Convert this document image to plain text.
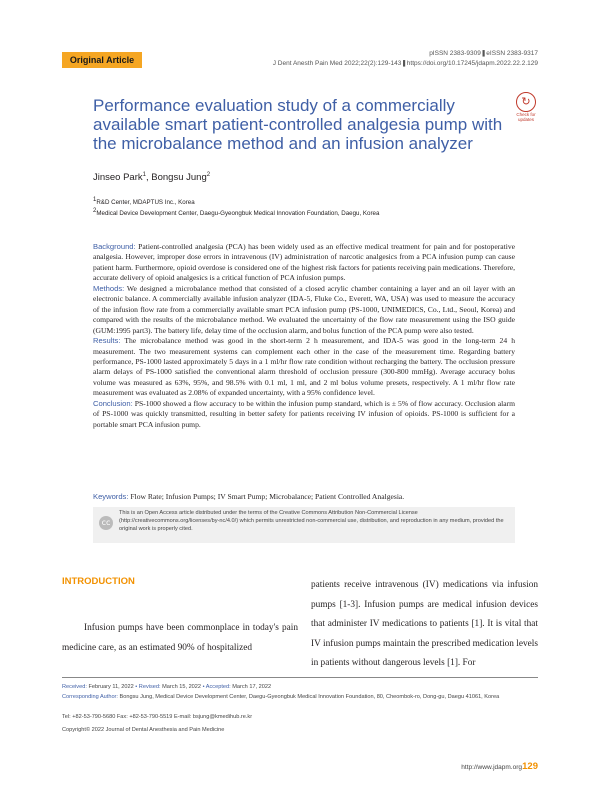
Original Article
pISSN 2383-9309❚eISSN 2383-9317
J Dent Anesth Pain Med 2022;22(2):129-143❚https://doi.org/10.17245/jdapm.2022.22.2.129
Performance evaluation study of a commercially available smart patient-controlled analgesia pump with the microbalance method and an infusion analyzer
↻
Check for updates
Jinseo Park$^1$, Bongsu Jung$^2$
1R&D Center, MDAPTUS Inc., Korea
2Medical Device Development Center, Daegu-Gyeongbuk Medical Innovation Foundation, Daegu, Korea

Background: Patient-controlled analgesia (PCA) has been widely used as an effective medical treatment for pain and for postoperative analgesia. However, improper dose errors in intravenous (IV) administration of narcotic analgesics from a PCA infusion pump can cause patient harm. Furthermore, opioid overdose is considered one of the highest risk factors for patients receiving pain medications. Therefore, accurate delivery of opioid analgesics is a critical function of PCA infusion pumps.

Methods: We designed a microbalance method that consisted of a closed acrylic chamber containing a layer and an oil layer with an electronic balance. A commercially available infusion analyzer (IDA-5, Fluke Co., Everett, WA, USA) was used to measure the accuracy of the infusion flow rate from a commercially available smart PCA infusion pump (PS-1000, UNIMEDICS, Co., Ltd., Seoul, Korea) and compared with the results of the microbalance method. We evaluated the uncertainty of the flow rate measurement using the ISO guide (GUM:1995 part3). The battery life, delay time of the occlusion alarm, and bolus function of the PCA pump were also tested.

Results: The microbalance method was good in the short-term 2 h measurement, and IDA-5 was good in the long-term 24 h measurement. The two measurement systems can complement each other in the case of the measurement time. Regarding battery performance, PS-1000 lasted approximately 5 days in a 1 ml/hr flow rate condition without recharging the battery. The occlusion pressure alarm delays of PS-1000 satisfied the conventional alarm threshold of occlusion pressure (300-800 mmHg). Average accuracy bolus volume was measured as 63%, 95%, and 98.5% with 0.1 ml, 1 ml, and 2 ml bolus volume presets, respectively. A 1 ml/hr flow rate measurement was evaluated as 2.08% of expanded uncertainty, with a 95% confidence level.

Conclusion: PS-1000 showed a flow accuracy to be within the infusion pump standard, which is ± 5% of flow accuracy. Occlusion alarm of PS-1000 was quickly transmitted, resulting in better safety for patients receiving IV infusion of opioids. PS-1000 is sufficient for a portable smart PCA infusion pump.

Keywords: Flow Rate; Infusion Pumps; IV Smart Pump; Microbalance; Patient Controlled Analgesia.
cc
This is an Open Access article distributed under the terms of the Creative Commons Attribution Non-Commercial License (http://creativecommons.org/licenses/by-nc/4.0/) which permits unrestricted non-commercial use, distribution, and reproduction in any medium, provided the original work is properly cited.
INTRODUCTION
Infusion pumps have been commonplace in today's pain medicine care, as an estimated 90% of hospitalized
patients receive intravenous (IV) medications via infusion pumps [1-3]. Infusion pumps are medical infusion devices that administer IV medications to patients [1]. It is vital that IV infusion pumps maintain the prescribed medication levels in patients without dangerous levels [1]. For
Received: February 11, 2022 • Revised: March 15, 2022 • Accepted: March 17, 2022
Corresponding Author: Bongsu Jung, Medical Device Development Center, Daegu-Gyeongbuk Medical Innovation Foundation, 80, Cheombok-ro, Dong-gu, Daegu 41061, Korea
Tel: +82-53-790-5680 Fax: +82-53-790-5519 E-mail: bsjung@kmedihub.re.kr
Copyright© 2022 Journal of Dental Anesthesia and Pain Medicine
http://www.jdapm.org 129
